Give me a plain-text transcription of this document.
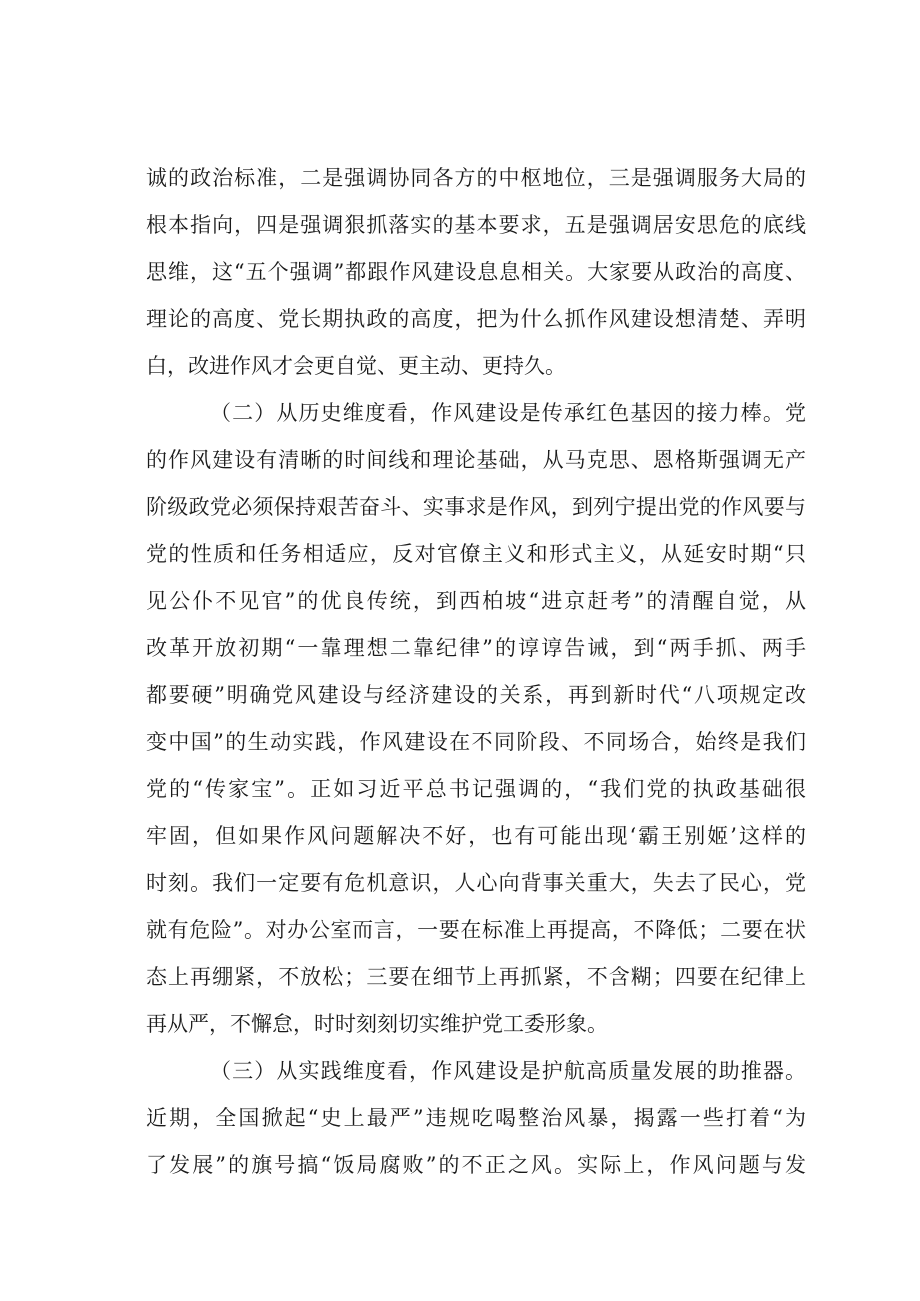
诚的政治标准，二是强调协同各方的中枢地位，三是强调服务大局的
根本指向，四是强调狠抓落实的基本要求，五是强调居安思危的底线
思维，这“五个强调”都跟作风建设息息相关。大家要从政治的高度、
理论的高度、党长期执政的高度，把为什么抓作风建设想清楚、弄明
白，改进作风才会更自觉、更主动、更持久。
（二）从历史维度看，作风建设是传承红色基因的接力棒。党
的作风建设有清晰的时间线和理论基础，从马克思、恩格斯强调无产
阶级政党必须保持艰苦奋斗、实事求是作风，到列宁提出党的作风要与
党的性质和任务相适应，反对官僚主义和形式主义，从延安时期“只
见公仆不见官”的优良传统，到西柏坡“进京赶考”的清醒自觉，从
改革开放初期“一靠理想二靠纪律”的谆谆告诫，到“两手抓、两手
都要硬”明确党风建设与经济建设的关系，再到新时代“八项规定改
变中国”的生动实践，作风建设在不同阶段、不同场合，始终是我们
党的“传家宝”。正如习近平总书记强调的，“我们党的执政基础很
牢固，但如果作风问题解决不好，也有可能出现‘霸王别姬’这样的
时刻。我们一定要有危机意识，人心向背事关重大，失去了民心，党
就有危险”。对办公室而言，一要在标准上再提高，不降低；二要在状
态上再绷紧，不放松；三要在细节上再抓紧，不含糊；四要在纪律上
再从严，不懈怠，时时刻刻切实维护党工委形象。
（三）从实践维度看，作风建设是护航高质量发展的助推器。
近期，全国掀起“史上最严”违规吃喝整治风暴，揭露一些打着“为
了发展”的旗号搞“饭局腐败”的不正之风。实际上，作风问题与发
